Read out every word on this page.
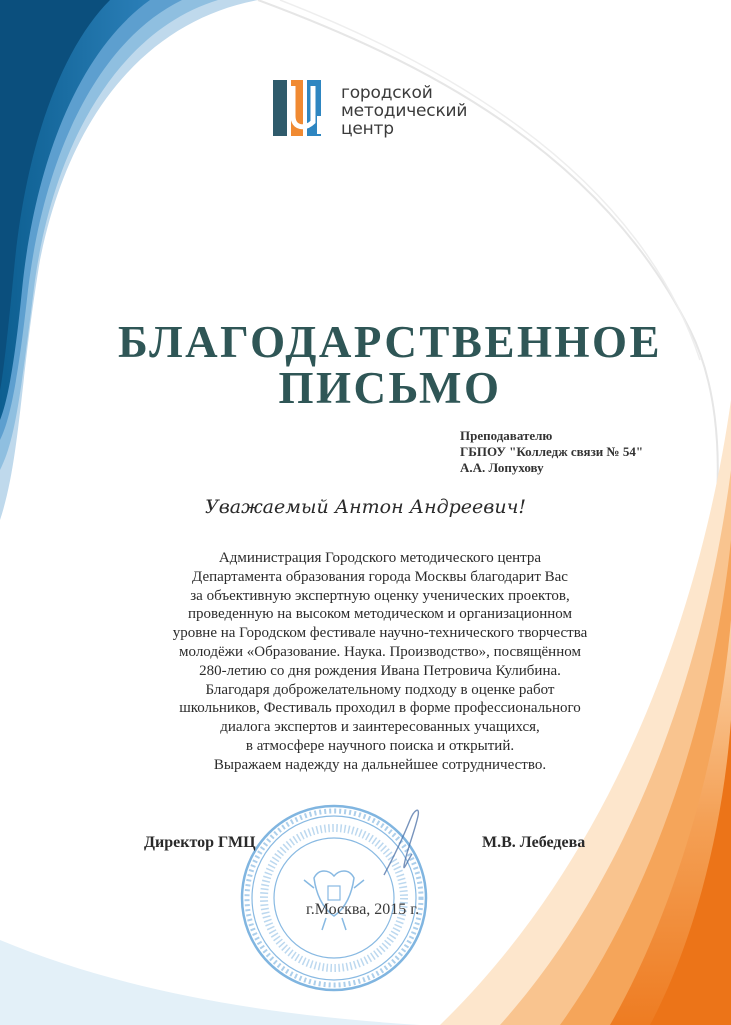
городской
методический
центр
БЛАГОДАРСТВЕННОЕ
ПИСЬМО
Преподавателю
ГБПОУ "Колледж связи № 54"
А.А. Лопухову
Уважаемый Антон Андреевич!
Администрация Городского методического центра
Департамента образования города Москвы благодарит Вас
за объективную экспертную оценку ученических проектов,
проведенную на высоком методическом и организационном
уровне на Городском фестивале научно-технического творчества
молодёжи «Образование. Наука. Производство», посвящённом
280-летию со дня рождения Ивана Петровича Кулибина.
Благодаря доброжелательному подходу в оценке работ
школьников, Фестиваль проходил в форме профессионального
диалога экспертов и заинтересованных учащихся,
в атмосфере научного поиска и открытий.
Выражаем надежду на дальнейшее сотрудничество.
Директор ГМЦ	М.В. Лебедева
г.Москва, 2015 г.
